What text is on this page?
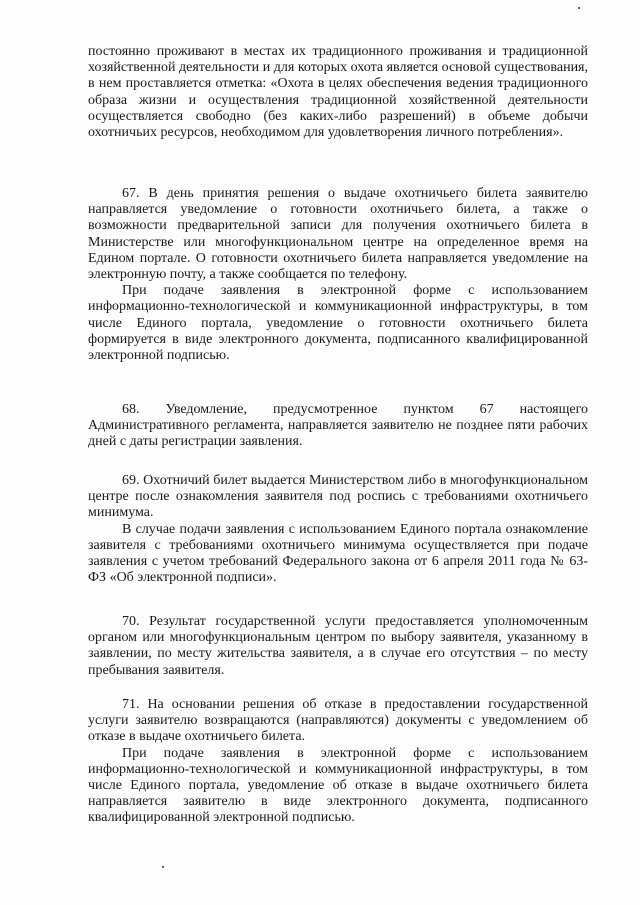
постоянно проживают в местах их традиционного проживания и традиционной хозяйственной деятельности и для которых охота является основой существования, в нем проставляется отметка: «Охота в целях обеспечения ведения традиционного образа жизни и осуществления традиционной хозяйственной деятельности осуществляется свободно (без каких-либо разрешений) в объеме добычи охотничьих ресурсов, необходимом для удовлетворения личного потребления».

67. В день принятия решения о выдаче охотничьего билета заявителю направляется уведомление о готовности охотничьего билета, а также о возможности предварительной записи для получения охотничьего билета в Министерстве или многофункциональном центре на определенное время на Едином портале. О готовности охотничьего билета направляется уведомление на электронную почту, а также сообщается по телефону.

При подаче заявления в электронной форме с использованием информационно-технологической и коммуникационной инфраструктуры, в том числе Единого портала, уведомление о готовности охотничьего билета формируется в виде электронного документа, подписанного квалифицированной электронной подписью.

68. Уведомление, предусмотренное пунктом 67 настоящего Административного регламента, направляется заявителю не позднее пяти рабочих дней с даты регистрации заявления.

69. Охотничий билет выдается Министерством либо в многофункциональном центре после ознакомления заявителя под роспись с требованиями охотничьего минимума.

В случае подачи заявления с использованием Единого портала ознакомление заявителя с требованиями охотничьего минимума осуществляется при подаче заявления с учетом требований Федерального закона от 6 апреля 2011 года № 63-ФЗ «Об электронной подписи».

70. Результат государственной услуги предоставляется уполномоченным органом или многофункциональным центром по выбору заявителя, указанному в заявлении, по месту жительства заявителя, а в случае его отсутствия – по месту пребывания заявителя.

71. На основании решения об отказе в предоставлении государственной услуги заявителю возвращаются (направляются) документы с уведомлением об отказе в выдаче охотничьего билета.

При подаче заявления в электронной форме с использованием информационно-технологической и коммуникационной инфраструктуры, в том числе Единого портала, уведомление об отказе в выдаче охотничьего билета направляется заявителю в виде электронного документа, подписанного квалифицированной электронной подписью.
